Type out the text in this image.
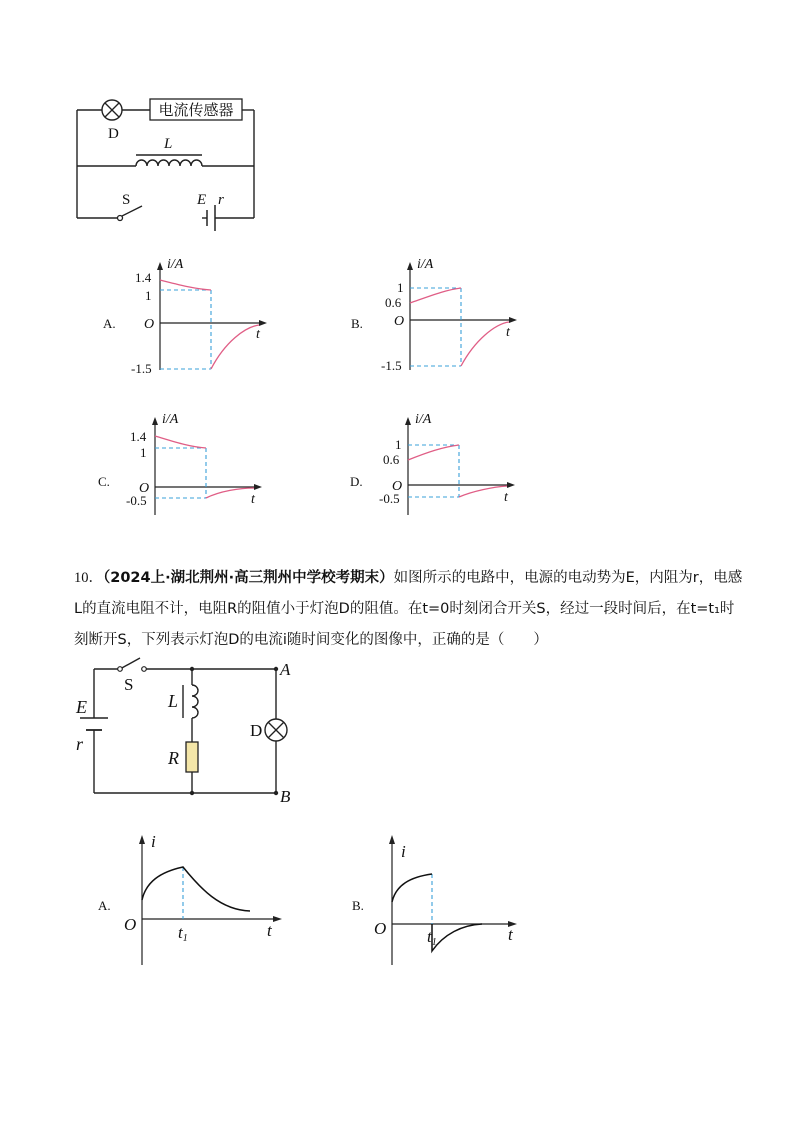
D
电流传感器
L
S	E r
A.
i/A
t
O
1.4
1
-1.5
B.
i/A
t
O
1
0.6
-1.5
C.
i/A
t
O
1.4
1
-0.5
D.
i/A
t
O
1
0.6
-0.5
10．（2024上·湖北荆州·高三荆州中学校考期末）如图所示的电路中，电源的电动势为E，内阻为r，电感
L的直流电阻不计，电阻R的阻值小于灯泡D的阻值。在t=0时刻闭合开关S，经过一段时间后，在t=t₁时
刻断开S，下列表示灯泡D的电流i随时间变化的图像中，正确的是（　　）
S
E
r
L
R
D
A
B
A.
i
t
O t1
B.
i
t
O t1
